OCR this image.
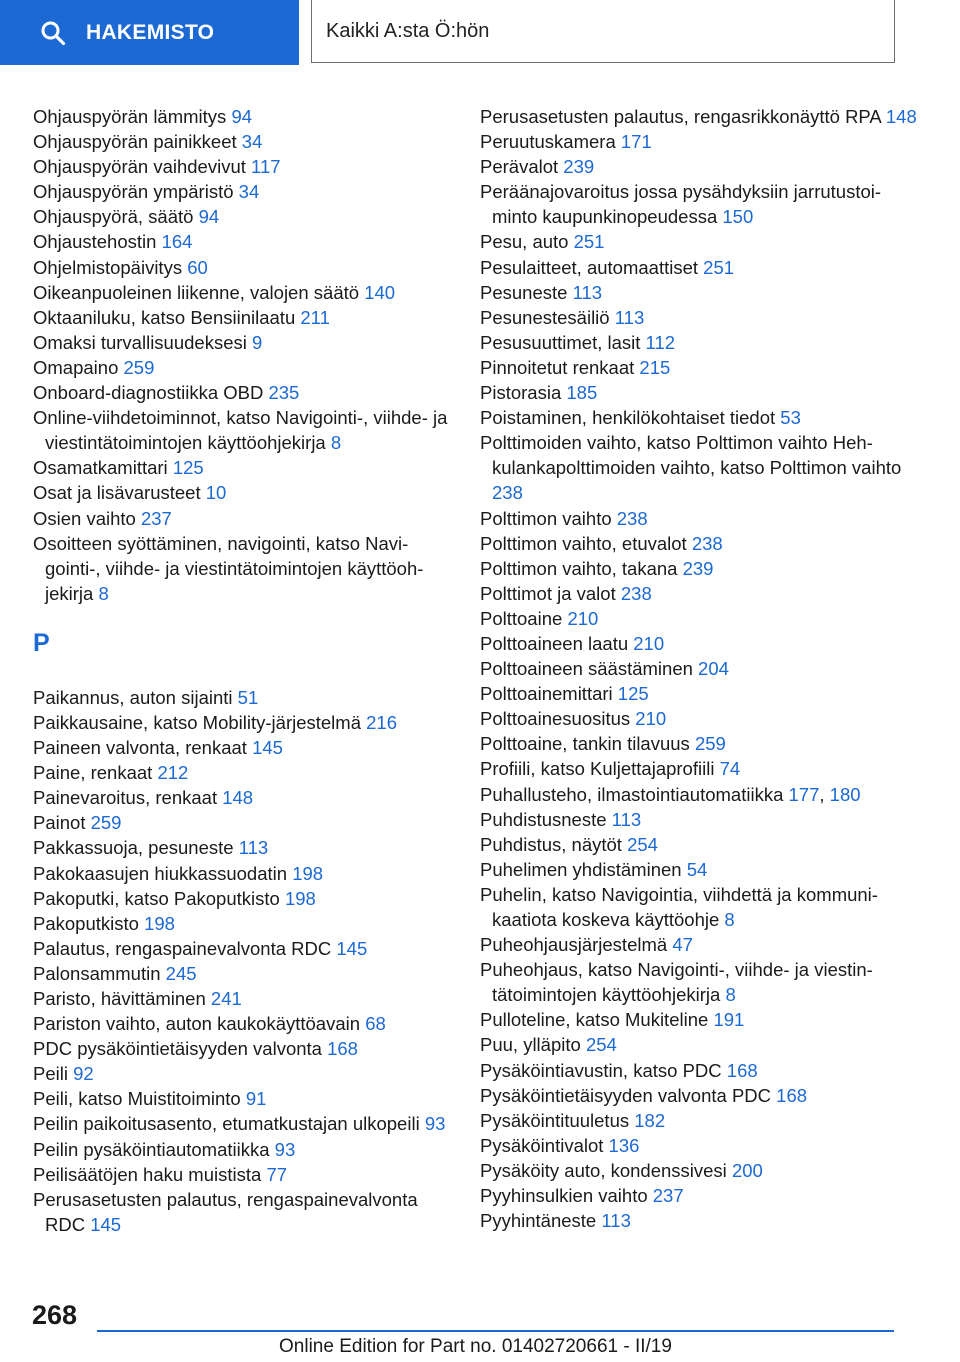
HAKEMISTO	Kaikki A:sta Ö:hön
Ohjauspyörän lämmitys 94
Ohjauspyörän painikkeet 34
Ohjauspyörän vaihdevivut 117
Ohjauspyörän ympäristö 34
Ohjauspyörä, säätö 94
Ohjaustehostin 164
Ohjelmistopäivitys 60
Oikeanpuoleinen liikenne, valojen säätö 140
Oktaaniluku, katso Bensiinilaatu 211
Omaksi turvallisuudeksesi 9
Omapaino 259
Onboard-diagnostiikka OBD 235
Online-viihdetoiminnot, katso Navigointi-, viihde- ja viestintätoimintojen käyttöohjekirja 8
Osamatkamittari 125
Osat ja lisävarusteet 10
Osien vaihto 237
Osoitteen syöttäminen, navigointi, katso Navigointi-, viihde- ja viestintätoimintojen käyttöohjekirja 8
P
Paikannus, auton sijainti 51
Paikkausaine, katso Mobility-järjestelmä 216
Paineen valvonta, renkaat 145
Paine, renkaat 212
Painevaroitus, renkaat 148
Painot 259
Pakkassuoja, pesuneste 113
Pakokaasujen hiukkassuodatin 198
Pakoputki, katso Pakoputkisto 198
Pakoputkisto 198
Palautus, rengaspainevalvonta RDC 145
Palonsammutin 245
Paristo, hävittäminen 241
Pariston vaihto, auton kaukokäyttöavain 68
PDC pysäköintietäisyyden valvonta 168
Peili 92
Peili, katso Muistitoiminto 91
Peilin paikoitusasento, etumatkustajan ulkopeili 93
Peilin pysäköintiautomatiikka 93
Peilisäätöjen haku muistista 77
Perusasetusten palautus, rengaspainevalvonta RDC 145
Perusasetusten palautus, rengasrikkonäyttö RPA 148
Peruutuskamera 171
Perävalot 239
Peräänajovaroitus jossa pysähdyksiin jarrutustoiminto kaupunkinopeudessa 150
Pesu, auto 251
Pesulaitteet, automaattiset 251
Pesuneste 113
Pesunestesäiliö 113
Pesusuuttimet, lasit 112
Pinnoitetut renkaat 215
Pistorasia 185
Poistaminen, henkilökohtaiset tiedot 53
Polttimoiden vaihto, katso Polttimon vaihto Hehkulankapolttimoiden vaihto, katso Polttimon vaihto 238
Polttimon vaihto 238
Polttimon vaihto, etuvalot 238
Polttimon vaihto, takana 239
Polttimot ja valot 238
Polttoaine 210
Polttoaineen laatu 210
Polttoaineen säästäminen 204
Polttoainemittari 125
Polttoainesuositus 210
Polttoaine, tankin tilavuus 259
Profiili, katso Kuljettajaprofiili 74
Puhallusteho, ilmastointiautomatiikka 177, 180
Puhdistusneste 113
Puhdistus, näytöt 254
Puhelimen yhdistäminen 54
Puhelin, katso Navigointia, viihdettä ja kommunikaatiota koskeva käyttöohje 8
Puheohjausjärjestelmä 47
Puheohjaus, katso Navigointi-, viihde- ja viestintätoimintojen käyttöohjekirja 8
Pulloteline, katso Mukiteline 191
Puu, ylläpito 254
Pysäköintiavustin, katso PDC 168
Pysäköintietäisyyden valvonta PDC 168
Pysäköintituuletus 182
Pysäköintivalot 136
Pysäköity auto, kondenssivesi 200
Pyyhinsulkien vaihto 237
Pyyhintäneste 113
268
Online Edition for Part no. 01402720661 - II/19
